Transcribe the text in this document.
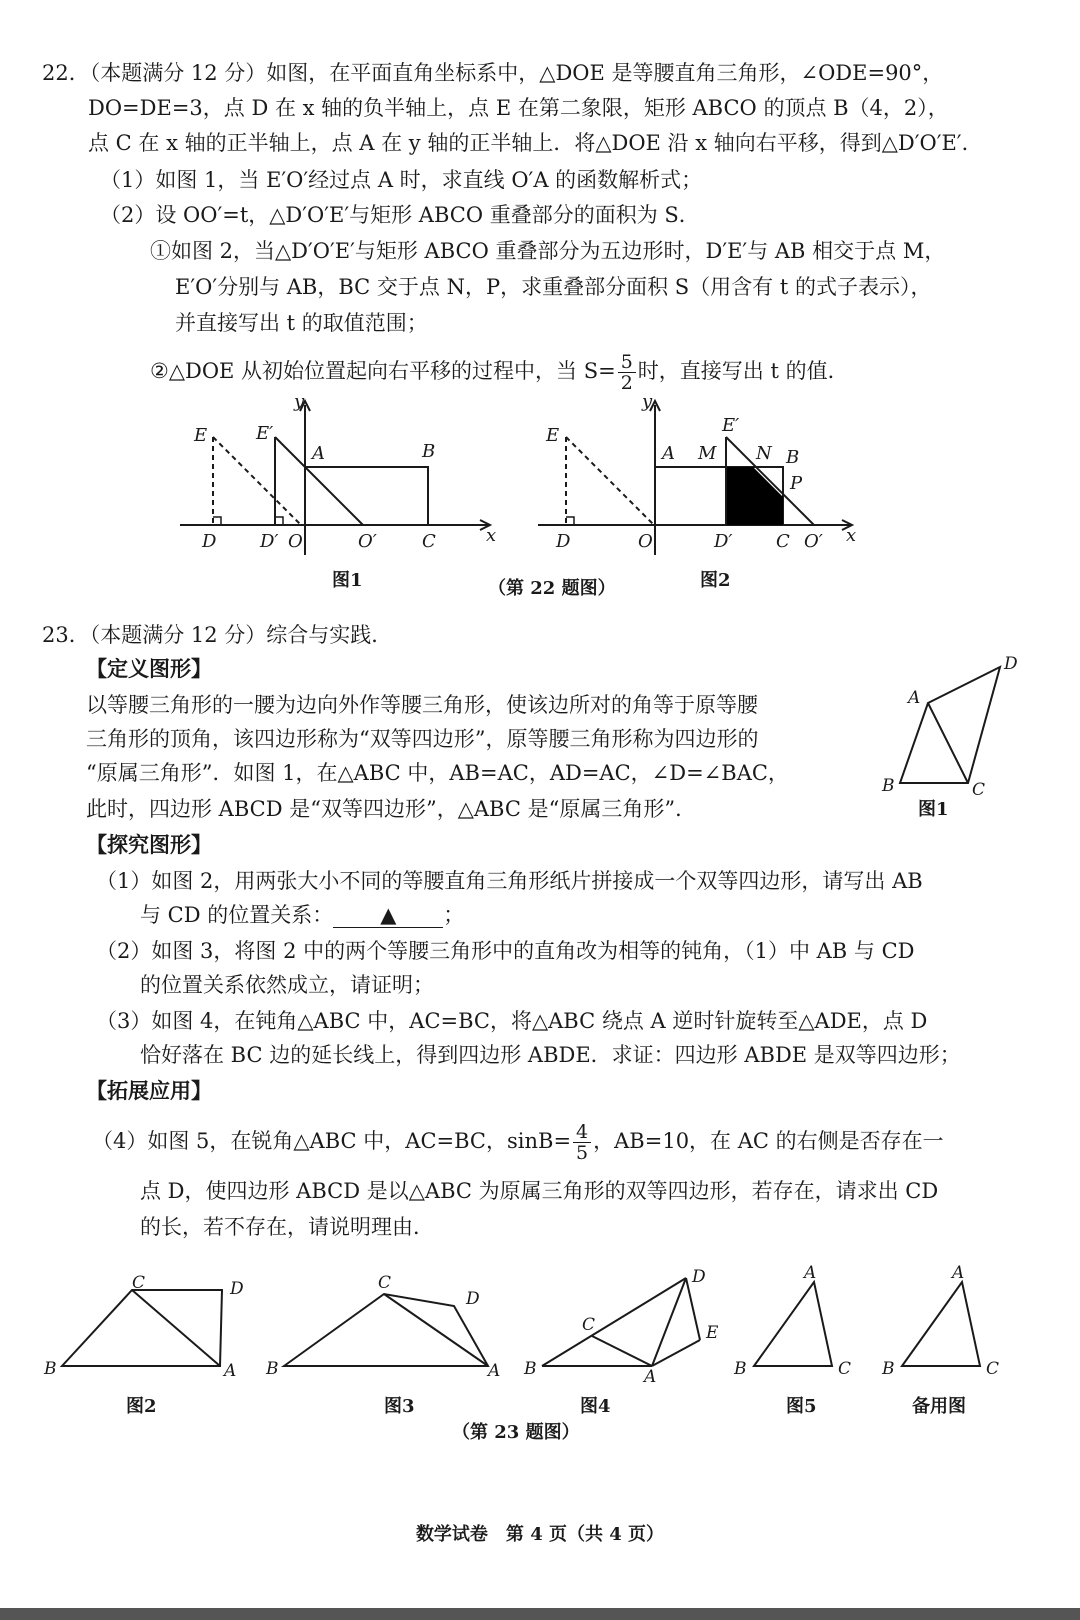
22．（本题满分 12 分）如图，在平面直角坐标系中，△DOE 是等腰直角三角形，∠ODE=90°，
DO=DE=3，点 D 在 x 轴的负半轴上，点 E 在第二象限，矩形 ABCO 的顶点 B（4，2），
点 C 在 x 轴的正半轴上，点 A 在 y 轴的正半轴上．将△DOE 沿 x 轴向右平移，得到△D′O′E′．
（1）如图 1，当 E′O′经过点 A 时，求直线 O′A 的函数解析式；
（2）设 OO′=t，△D′O′E′与矩形 ABCO 重叠部分的面积为 S．
①如图 2，当△D′O′E′与矩形 ABCO 重叠部分为五边形时，D′E′与 AB 相交于点 M，
E′O′分别与 AB，BC 交于点 N，P，求重叠部分面积 S（用含有 t 的式子表示），
并直接写出 t 的取值范围；
②△DOE 从初始位置起向右平移的过程中，当 $S= \frac{5}{2}$ 时，直接写出 t 的值．
y
x
E	E′
A	B
D D′ O	O′	C
图1
y
x
E	E′
A M N B
P
D	O	D′ C O′
图2
（第 22 题图）
23．（本题满分 12 分）综合与实践．
【定义图形】
以等腰三角形的一腰为边向外作等腰三角形，使该边所对的角等于原等腰
三角形的顶角，该四边形称为“双等四边形”，原等腰三角形称为四边形的
“原属三角形”．如图 1，在△ABC 中，AB=AC，AD=AC，∠D=∠BAC，
此时，四边形 ABCD 是“双等四边形”，△ABC 是“原属三角形”．
A
D
B	C
图1
【探究图形】
（1）如图 2，用两张大小不同的等腰直角三角形纸片拼接成一个双等四边形，请写出 AB
与 CD 的位置关系： ▲ ；
（2）如图 3，将图 2 中的两个等腰三角形中的直角改为相等的钝角，（1）中 AB 与 CD
的位置关系依然成立，请证明；
（3）如图 4，在钝角△ABC 中，AC=BC，将△ABC 绕点 A 逆时针旋转至△ADE，点 D
恰好落在 BC 边的延长线上，得到四边形 ABDE．求证：四边形 ABDE 是双等四边形；
【拓展应用】
（4）如图 5，在锐角△ABC 中，AC=BC，$\sin B= \frac{4}{5}$ ，AB=10，在 AC 的右侧是否存在一
点 D，使四边形 ABCD 是以△ABC 为原属三角形的双等四边形，若存在，请求出 CD
的长，若不存在，请说明理由．
C	D
B	A
C
D
B	A
C
D
E
B	A
A
B	C
A
B	C
图2	图3	图4	图5	备用图
（第 23 题图）
数学试卷　第 4 页（共 4 页）
